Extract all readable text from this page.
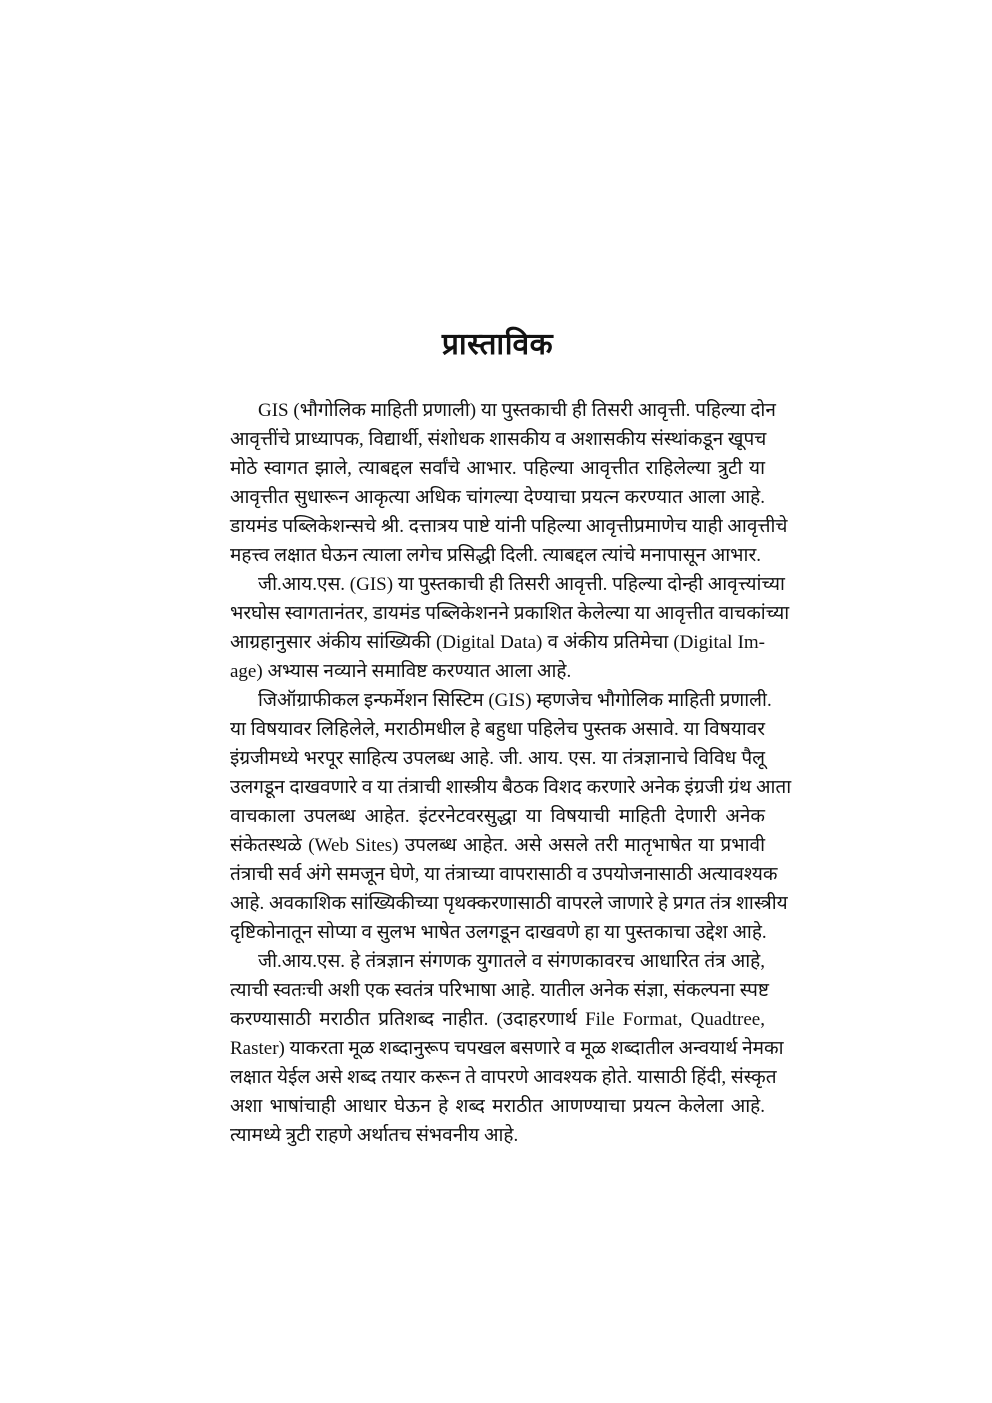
प्रास्ताविक
GIS (भौगोलिक माहिती प्रणाली) या पुस्तकाची ही तिसरी आवृत्ती. पहिल्या दोन
आवृत्तींचे प्राध्यापक, विद्यार्थी, संशोधक शासकीय व अशासकीय संस्थांकडून खूपच
मोठे स्वागत झाले, त्याबद्दल सर्वांचे आभार. पहिल्या आवृत्तीत राहिलेल्या त्रुटी या
आवृत्तीत सुधारून आकृत्या अधिक चांगल्या देण्याचा प्रयत्न करण्यात आला आहे.
डायमंड पब्लिकेशन्सचे श्री. दत्तात्रय पाष्टे यांनी पहिल्या आवृत्तीप्रमाणेच याही आवृत्तीचे
महत्त्व लक्षात घेऊन त्याला लगेच प्रसिद्धी दिली. त्याबद्दल त्यांचे मनापासून आभार.
जी.आय.एस. (GIS) या पुस्तकाची ही तिसरी आवृत्ती. पहिल्या दोन्ही आवृत्त्यांच्या
भरघोस स्वागतानंतर, डायमंड पब्लिकेशनने प्रकाशित केलेल्या या आवृत्तीत वाचकांच्या
आग्रहानुसार अंकीय सांख्यिकी (Digital Data) व अंकीय प्रतिमेचा (Digital Im-
age) अभ्यास नव्याने समाविष्ट करण्यात आला आहे.
जिऑग्राफीकल इन्फर्मेशन सिस्टिम (GIS) म्हणजेच भौगोलिक माहिती प्रणाली.
या विषयावर लिहिलेले, मराठीमधील हे बहुधा पहिलेच पुस्तक असावे. या विषयावर
इंग्रजीमध्ये भरपूर साहित्य उपलब्ध आहे. जी. आय. एस. या तंत्रज्ञानाचे विविध पैलू
उलगडून दाखवणारे व या तंत्राची शास्त्रीय बैठक विशद करणारे अनेक इंग्रजी ग्रंथ आता
वाचकाला उपलब्ध आहेत. इंटरनेटवरसुद्धा या विषयाची माहिती देणारी अनेक
संकेतस्थळे (Web Sites) उपलब्ध आहेत. असे असले तरी मातृभाषेत या प्रभावी
तंत्राची सर्व अंगे समजून घेणे, या तंत्राच्या वापरासाठी व उपयोजनासाठी अत्यावश्यक
आहे. अवकाशिक सांख्यिकीच्या पृथक्करणासाठी वापरले जाणारे हे प्रगत तंत्र शास्त्रीय
दृष्टिकोनातून सोप्या व सुलभ भाषेत उलगडून दाखवणे हा या पुस्तकाचा उद्देश आहे.
जी.आय.एस. हे तंत्रज्ञान संगणक युगातले व संगणकावरच आधारित तंत्र आहे,
त्याची स्वतःची अशी एक स्वतंत्र परिभाषा आहे. यातील अनेक संज्ञा, संकल्पना स्पष्ट
करण्यासाठी मराठीत प्रतिशब्द नाहीत. (उदाहरणार्थ File Format, Quadtree,
Raster) याकरता मूळ शब्दानुरूप चपखल बसणारे व मूळ शब्दातील अन्वयार्थ नेमका
लक्षात येईल असे शब्द तयार करून ते वापरणे आवश्यक होते. यासाठी हिंदी, संस्कृत
अशा भाषांचाही आधार घेऊन हे शब्द मराठीत आणण्याचा प्रयत्न केलेला आहे.
त्यामध्ये त्रुटी राहणे अर्थातच संभवनीय आहे.
